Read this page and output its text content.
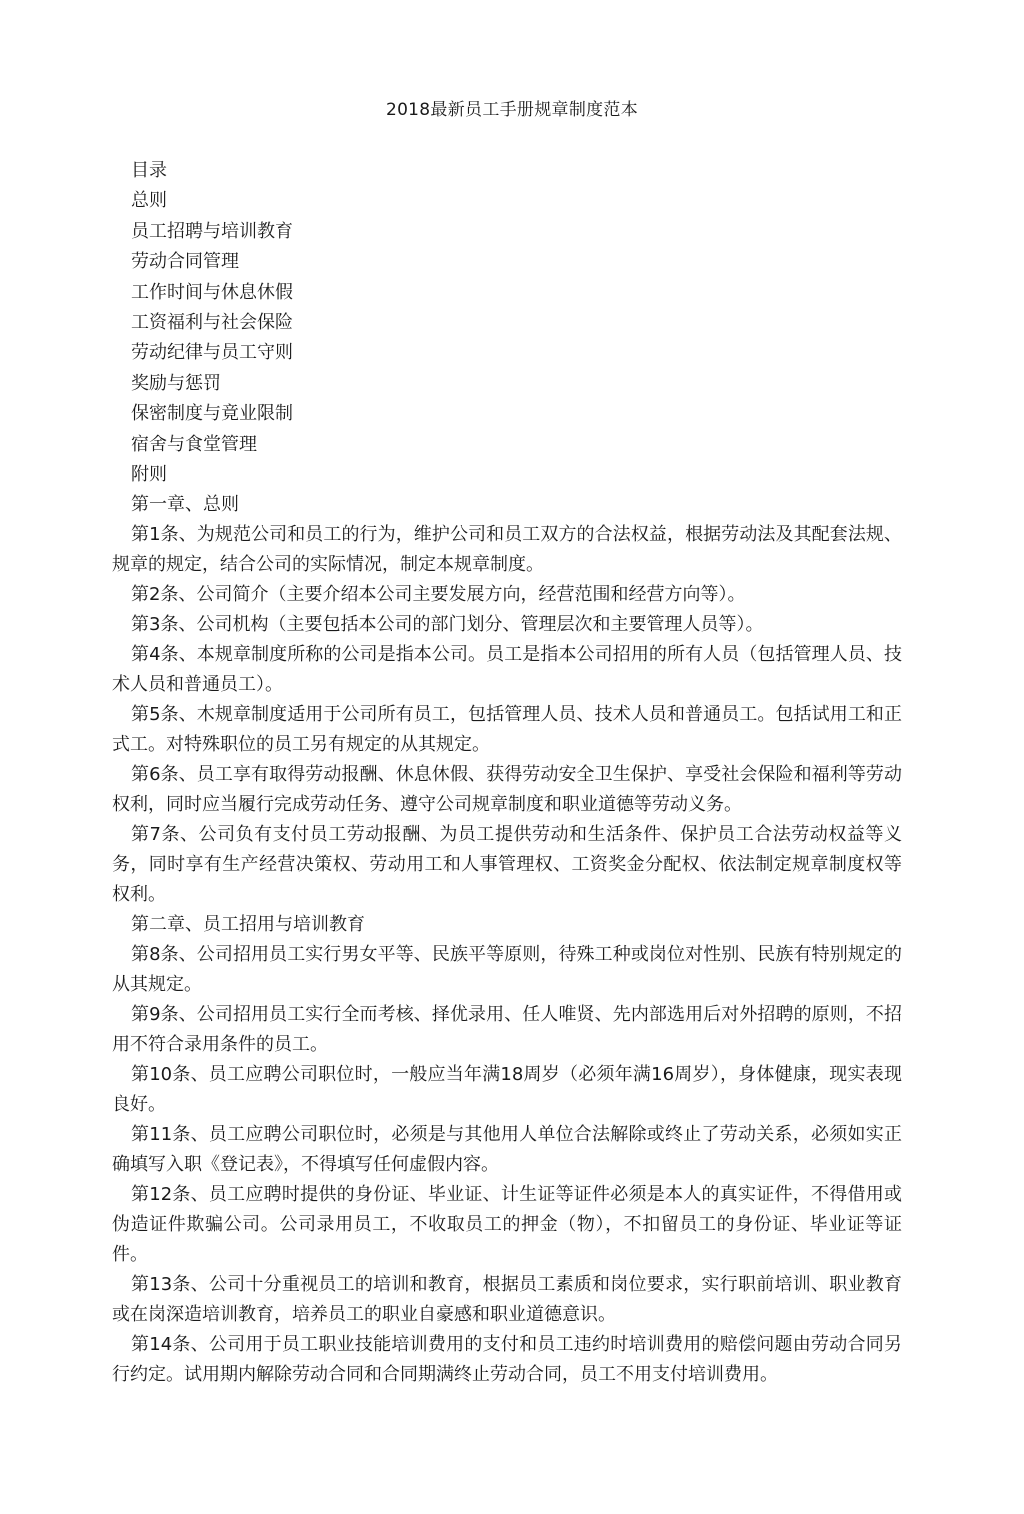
2018最新员工手册规章制度范本
目录
总则
员工招聘与培训教育
劳动合同管理
工作时间与休息休假
工资福利与社会保险
劳动纪律与员工守则
奖励与惩罚
保密制度与竟业限制
宿舍与食堂管理
附则
第一章、总则

第1条、为规范公司和员工的行为，维护公司和员工双方的合法权益，根据劳动法及其配套法规、规章的规定，结合公司的实际情况，制定本规章制度。

第2条、公司简介（主要介绍本公司主要发展方向，经营范围和经营方向等）。

第3条、公司机构（主要包括本公司的部门划分、管理层次和主要管理人员等）。

第4条、本规章制度所称的公司是指本公司。员工是指本公司招用的所有人员（包括管理人员、技术人员和普通员工）。

第5条、木规章制度适用于公司所有员工，包括管理人员、技术人员和普通员工。包括试用工和正式工。对特殊职位的员工另有规定的从其规定。

第6条、员工享有取得劳动报酬、休息休假、获得劳动安全卫生保护、享受社会保险和福利等劳动权利，同时应当履行完成劳动任务、遵守公司规章制度和职业道德等劳动义务。

第7条、公司负有支付员工劳动报酬、为员工提供劳动和生活条件、保护员工合法劳动权益等义务，同时享有生产经营决策权、劳动用工和人事管理权、工资奖金分配权、依法制定规章制度权等权利。

第二章、员工招用与培训教育

第8条、公司招用员工实行男女平等、民族平等原则，待殊工种或岗位对性别、民族有特别规定的从其规定。

第9条、公司招用员工实行全而考核、择优录用、任人唯贤、先内部选用后对外招聘的原则，不招用不符合录用条件的员工。

第10条、员工应聘公司职位时，一般应当年满18周岁（必须年满16周岁），身体健康，现实表现良好。

第11条、员工应聘公司职位时，必须是与其他用人单位合法解除或终止了劳动关系，必须如实正确填写入职《登记表》，不得填写任何虚假内容。

第12条、员工应聘时提供的身份证、毕业证、计生证等证件必须是本人的真实证件，不得借用或伪造证件欺骗公司。公司录用员工，不收取员工的押金（物），不扣留员工的身份证、毕业证等证件。

第13条、公司十分重视员工的培训和教育，根据员工素质和岗位要求，实行职前培训、职业教育或在岗深造培训教育，培养员工的职业自豪感和职业道德意识。

第14条、公司用于员工职业技能培训费用的支付和员工违约时培训费用的赔偿问题由劳动合同另行约定。试用期内解除劳动合同和合同期满终止劳动合同，员工不用支付培训费用。
